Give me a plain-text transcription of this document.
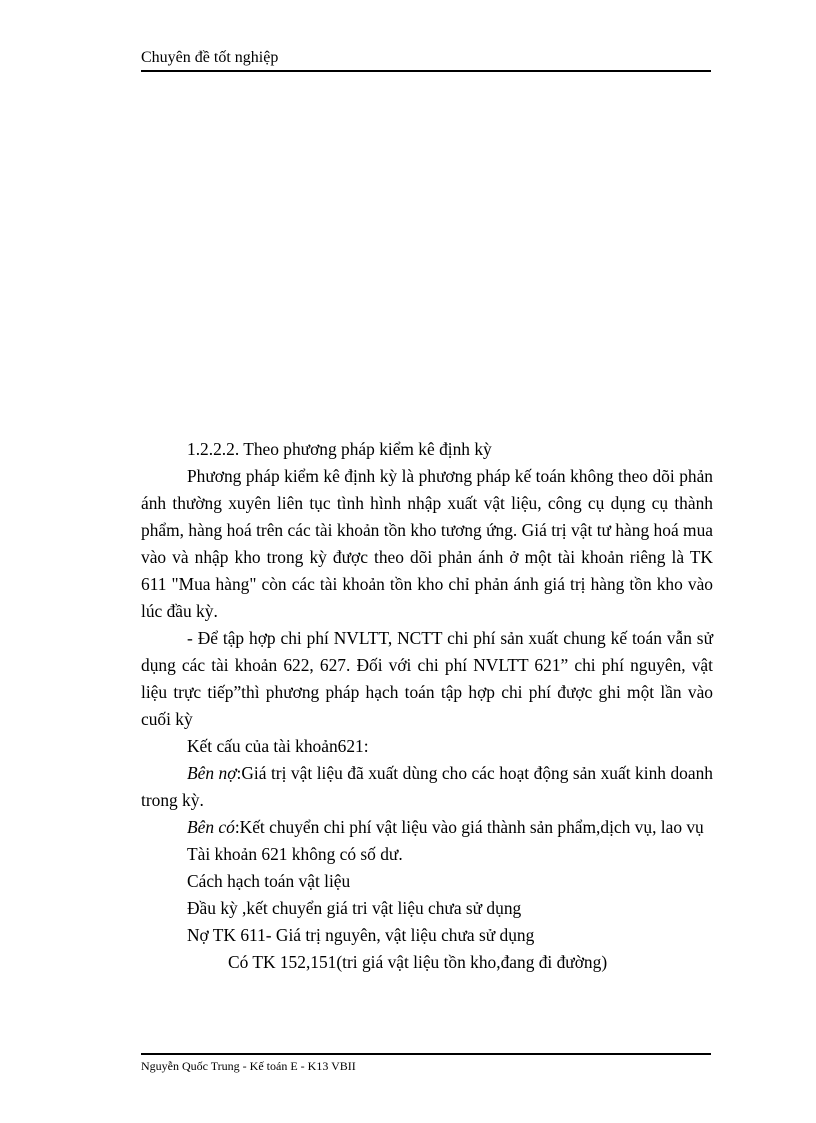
Chuyên đề tốt nghiệp

1.2.2.2. Theo phương pháp kiểm kê định kỳ

Phương pháp kiểm kê định kỳ là phương pháp kế toán không theo dõi phản ánh thường xuyên liên tục tình hình nhập xuất vật liệu, công cụ dụng cụ thành phẩm, hàng hoá trên các tài khoản tồn kho tương ứng. Giá trị vật tư hàng hoá mua vào và nhập kho trong kỳ được theo dõi phản ánh ở một tài khoản riêng là TK 611 "Mua hàng" còn các tài khoản tồn kho chỉ phản ánh giá trị hàng tồn kho vào lúc đầu kỳ.

- Để tập hợp chi phí NVLTT, NCTT chi phí sản xuất chung kế toán vẫn sử dụng các tài khoản 622, 627. Đối với chi phí NVLTT 621” chi phí nguyên, vật liệu trực tiếp”thì phương pháp hạch toán tập hợp chi phí được ghi một lần vào cuối kỳ

Kết cấu của tài khoản621:

Bên nợ:Giá trị vật liệu đã xuất dùng cho các hoạt động sản xuất kinh doanh trong kỳ.

Bên có:Kết chuyển chi phí vật liệu vào giá thành sản phẩm,dịch vụ, lao vụ

Tài khoản 621 không có số dư.

Cách hạch toán vật liệu

Đầu kỳ ,kết chuyển giá tri vật liệu chưa sử dụng

Nợ TK 611- Giá trị nguyên, vật liệu chưa sử dụng

Có TK 152,151(tri giá vật liệu tồn kho,đang đi đường)

Nguyễn Quốc Trung - Kế toán E - K13 VBII
